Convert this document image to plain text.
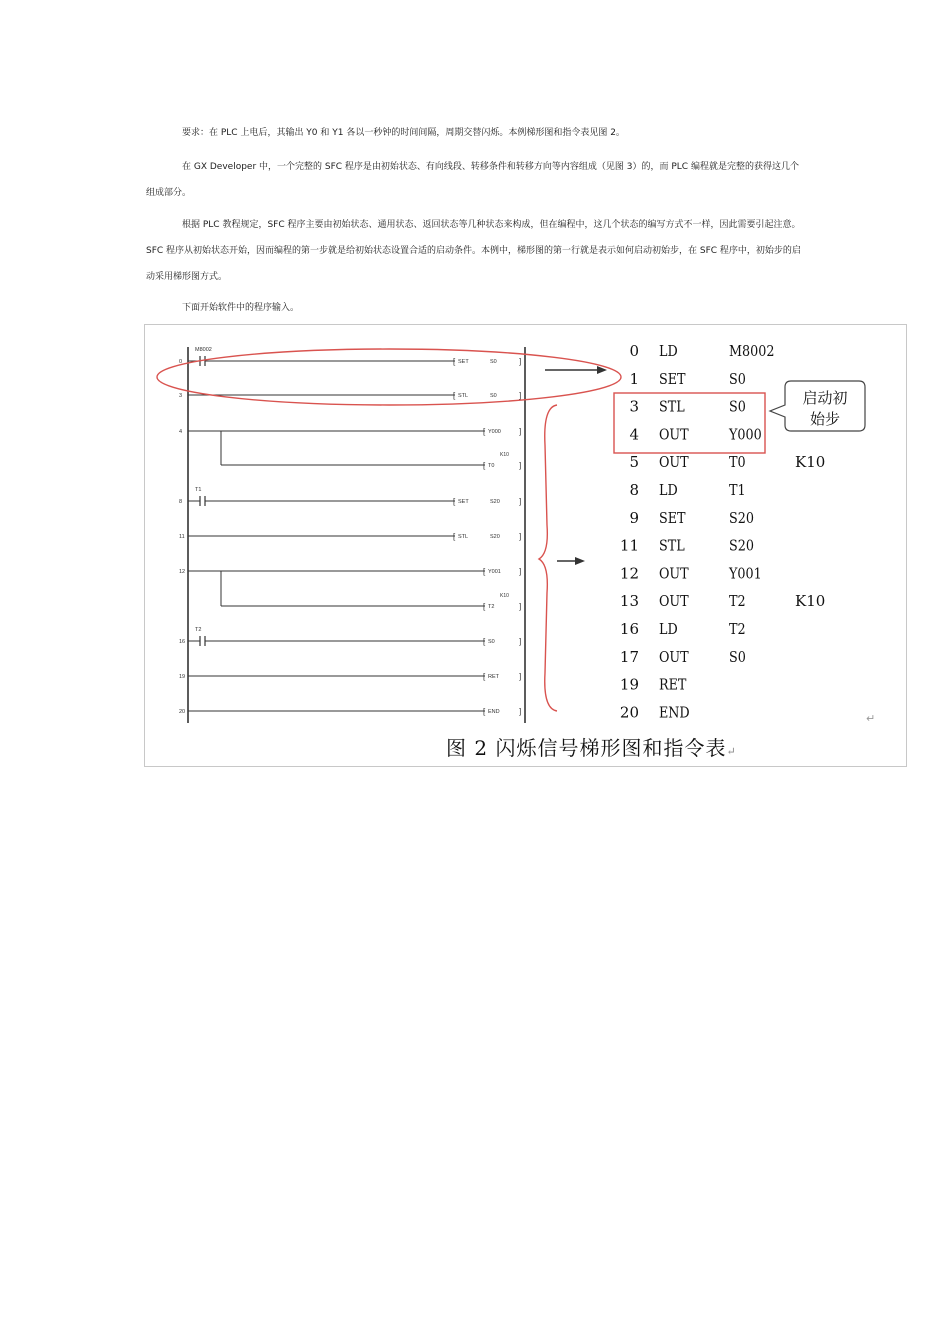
要求：在 PLC 上电后，其输出 Y0 和 Y1 各以一秒钟的时间间隔，周期交替闪烁。本例梯形图和指令表见图 2。

在 GX Developer 中，一个完整的 SFC 程序是由初始状态、有向线段、转移条件和转移方向等内容组成（见图 3）的，而 PLC 编程就是完整的获得这几个组成部分。

根据 PLC 教程规定，SFC 程序主要由初始状态、通用状态、返回状态等几种状态来构成，但在编程中，这几个状态的编写方式不一样，因此需要引起注意。SFC 程序从初始状态开始，因而编程的第一步就是给初始状态设置合适的启动条件。本例中，梯形图的第一行就是表示如何启动初始步，在 SFC 程序中，初始步的启动采用梯形图方式。

下面开始软件中的程序输入。

M8002
0	[ SET	S0	]
3	[ STL	S0	]
4	[ Y000 ]
[ T0
K10
]
T1
8	[ SET	S20 ]
11	[ STL	S20 ]
12	[ Y001 ]
[ T2
K10
]
T2
16	[ S0	]
19	[ RET	]
20	[ END ]
0 LD	M8002
1 SET	S0
3 STL	S0
4 OUT	Y000
5 OUT	T0	K10
8 LD	T1
9 SET	S20
11 STL	S20
12 OUT	Y001
13 OUT	T2	K10
16 LD	T2
17 OUT	S0
19 RET
20 END
启动初
始步
图 2 闪烁信号梯形图和指令表↵
↵
